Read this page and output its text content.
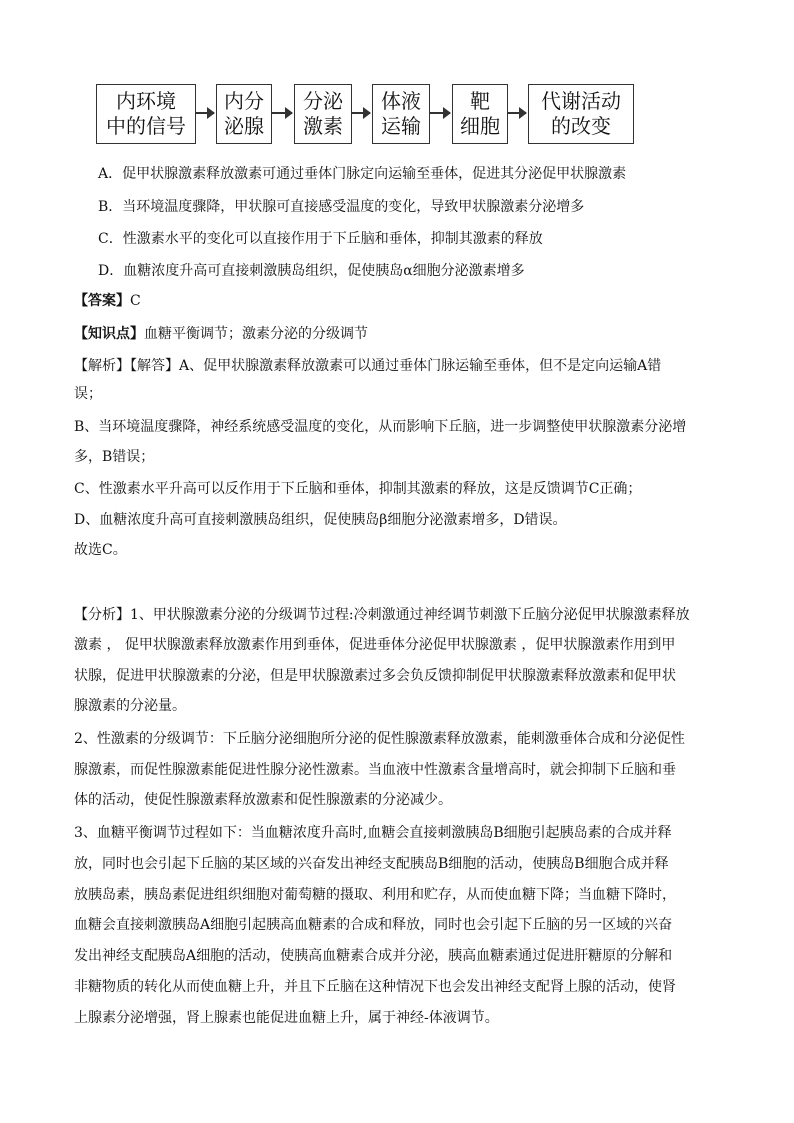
内环境
中的信号
内分
泌腺
分泌
激素
体液
运输
靶
细胞
代谢活动
的改变
A．促甲状腺激素释放激素可通过垂体门脉定向运输至垂体，促进其分泌促甲状腺激素
B．当环境温度骤降，甲状腺可直接感受温度的变化，导致甲状腺激素分泌增多
C．性激素水平的变化可以直接作用于下丘脑和垂体，抑制其激素的释放
D．血糖浓度升高可直接刺激胰岛组织，促使胰岛α细胞分泌激素增多
【答案】C
【知识点】血糖平衡调节；激素分泌的分级调节
【解析】【解答】A、促甲状腺激素释放激素可以通过垂体门脉运输至垂体，但不是定向运输A错
误；
B、当环境温度骤降，神经系统感受温度的变化，从而影响下丘脑，进一步调整使甲状腺激素分泌增
多，B错误；
C、性激素水平升高可以反作用于下丘脑和垂体，抑制其激素的释放，这是反馈调节C正确；
D、血糖浓度升高可直接刺激胰岛组织，促使胰岛β细胞分泌激素增多，D错误。
故选C。
【分析】1、甲状腺激素分泌的分级调节过程:冷刺激通过神经调节刺激下丘脑分泌促甲状腺激素释放
激素 ， 促甲状腺激素释放激素作用到垂体，促进垂体分泌促甲状腺激素 ，促甲状腺激素作用到甲
状腺，促进甲状腺激素的分泌，但是甲状腺激素过多会负反馈抑制促甲状腺激素释放激素和促甲状
腺激素的分泌量。
2、性激素的分级调节：下丘脑分泌细胞所分泌的促性腺激素释放激素，能刺激垂体合成和分泌促性
腺激素，而促性腺激素能促进性腺分泌性激素。当血液中性激素含量增高时，就会抑制下丘脑和垂
体的活动，使促性腺激素释放激素和促性腺激素的分泌减少。
3、血糖平衡调节过程如下：当血糖浓度升高时,血糖会直接刺激胰岛B细胞引起胰岛素的合成并释
放，同时也会引起下丘脑的某区域的兴奋发出神经支配胰岛B细胞的活动，使胰岛B细胞合成并释
放胰岛素，胰岛素促进组织细胞对葡萄糖的摄取、利用和贮存，从而使血糖下降；当血糖下降时，
血糖会直接刺激胰岛A细胞引起胰高血糖素的合成和释放，同时也会引起下丘脑的另一区域的兴奋
发出神经支配胰岛A细胞的活动，使胰高血糖素合成并分泌，胰高血糖素通过促进肝糖原的分解和
非糖物质的转化从而使血糖上升，并且下丘脑在这种情况下也会发出神经支配肾上腺的活动，使肾
上腺素分泌增强，肾上腺素也能促进血糖上升，属于神经-体液调节。
